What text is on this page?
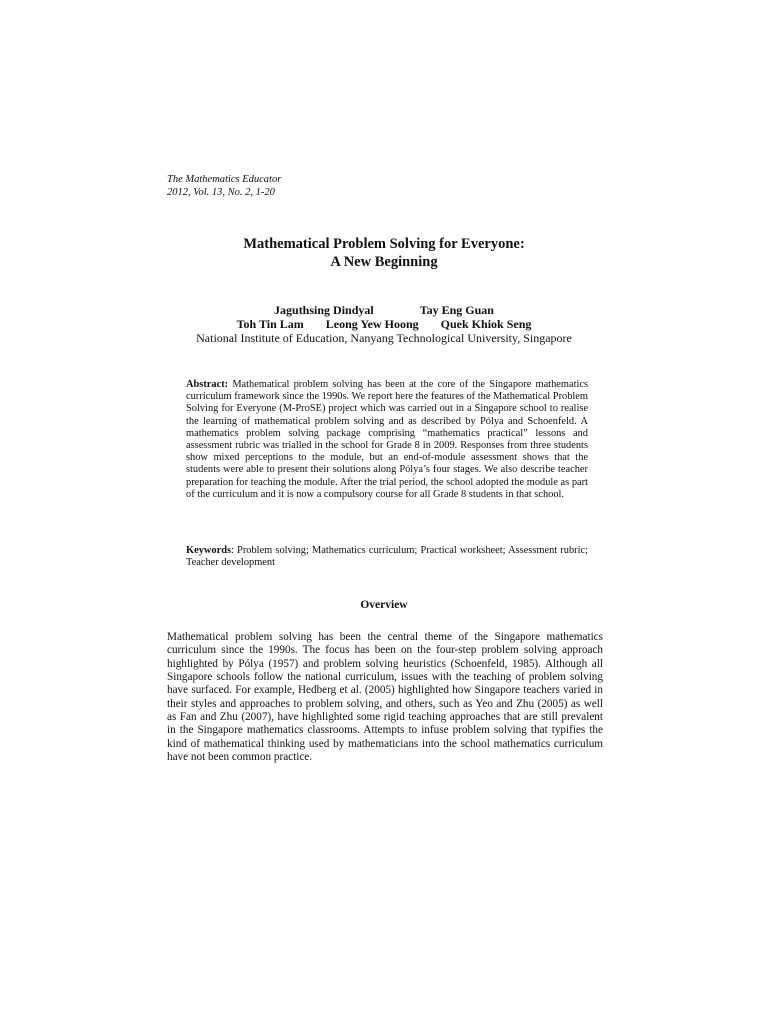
The Mathematics Educator
2012, Vol. 13, No. 2, 1-20
Mathematical Problem Solving for Everyone:
A New Beginning
Jaguthsing Dindyal	Tay Eng Guan
Toh Tin Lam Leong Yew Hoong Quek Khiok Seng
National Institute of Education, Nanyang Technological University, Singapore
Abstract: Mathematical problem solving has been at the core of the Singapore mathematics curriculum framework since the 1990s. We report here the features of the Mathematical Problem Solving for Everyone (M-ProSE) project which was carried out in a Singapore school to realise the learning of mathematical problem solving and as described by Pólya and Schoenfeld. A mathematics problem solving package comprising “mathematics practical” lessons and assessment rubric was trialled in the school for Grade 8 in 2009. Responses from three students show mixed perceptions to the module, but an end-of-module assessment shows that the students were able to present their solutions along Pólya’s four stages. We also describe teacher preparation for teaching the module. After the trial period, the school adopted the module as part of the curriculum and it is now a compulsory course for all Grade 8 students in that school.
Keywords: Problem solving; Mathematics curriculum; Practical worksheet; Assessment rubric; Teacher development
Overview
Mathematical problem solving has been the central theme of the Singapore mathematics curriculum since the 1990s. The focus has been on the four-step problem solving approach highlighted by Pólya (1957) and problem solving heuristics (Schoenfeld, 1985). Although all Singapore schools follow the national curriculum, issues with the teaching of problem solving have surfaced. For example, Hedberg et al. (2005) highlighted how Singapore teachers varied in their styles and approaches to problem solving, and others, such as Yeo and Zhu (2005) as well as Fan and Zhu (2007), have highlighted some rigid teaching approaches that are still prevalent in the Singapore mathematics classrooms. Attempts to infuse problem solving that typifies the kind of mathematical thinking used by mathematicians into the school mathematics curriculum have not been common practice.
